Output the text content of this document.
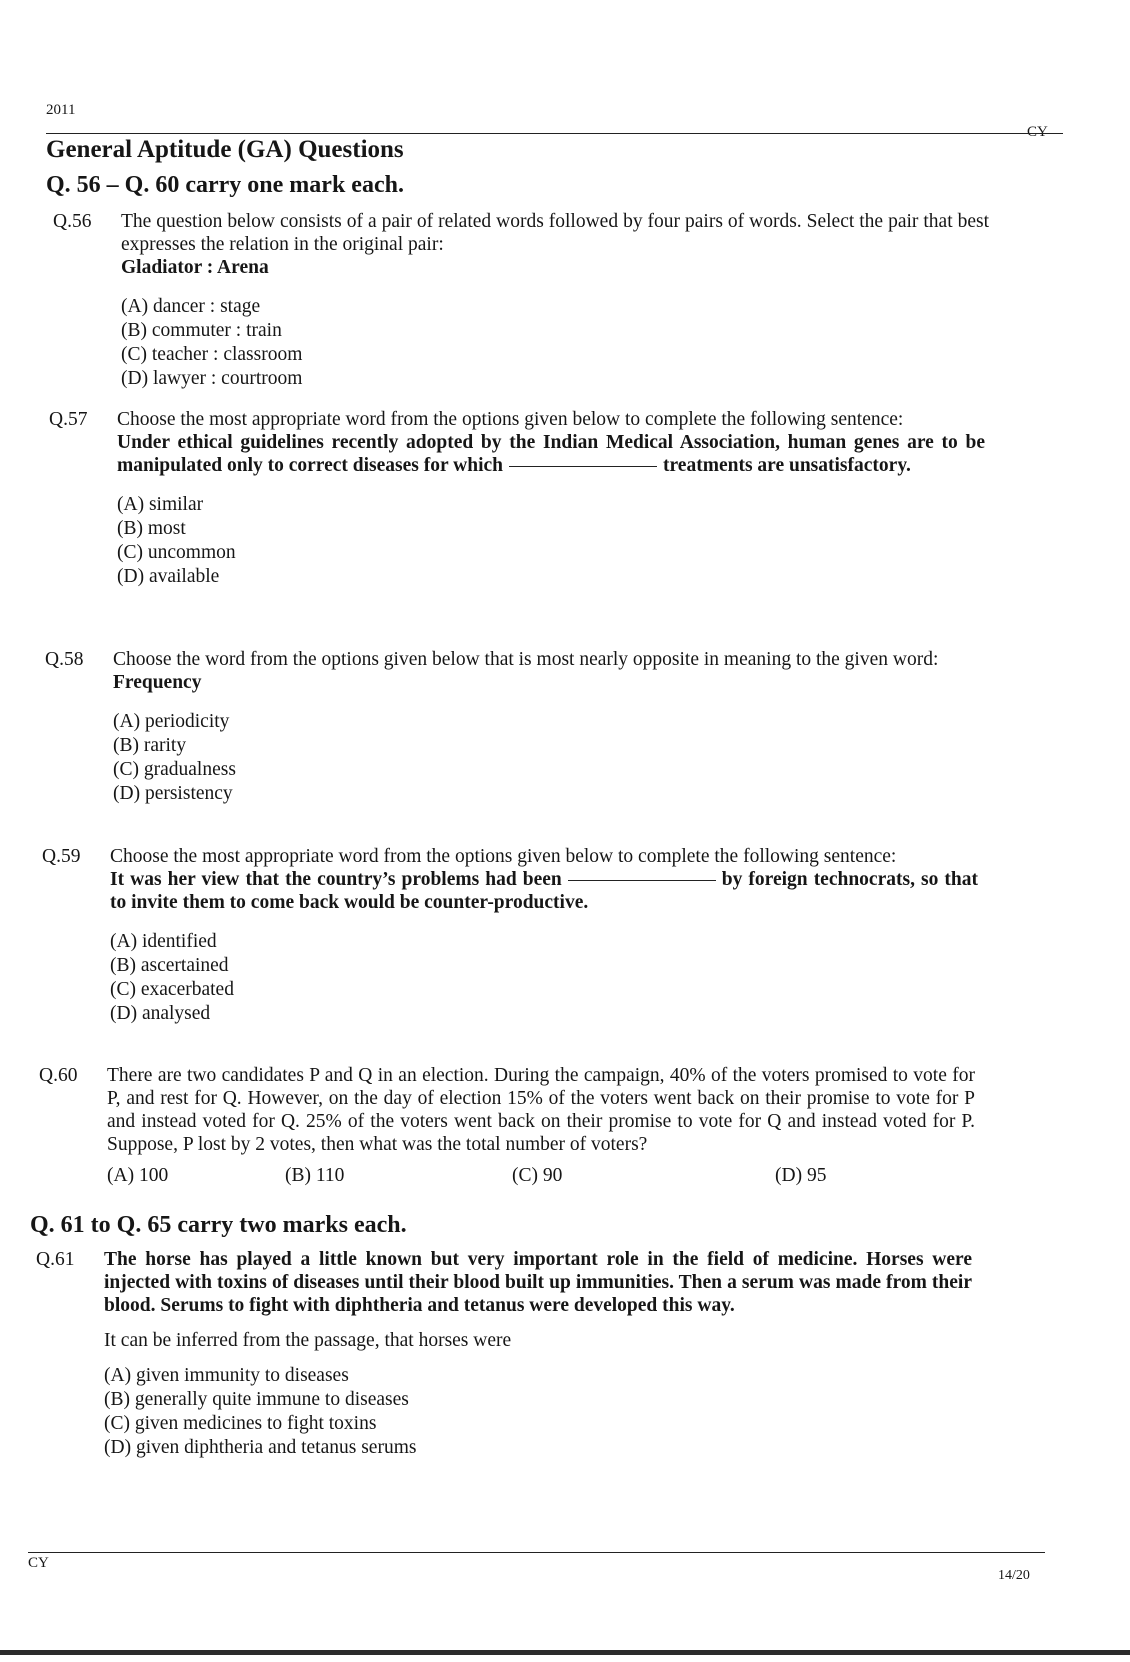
2011
CY
General Aptitude (GA) Questions
Q. 56 – Q. 60 carry one mark each.
Q.56 The question below consists of a pair of related words followed by four pairs of words. Select the pair that best expresses the relation in the original pair:

Gladiator : Arena

(A) dancer : stage
(B) commuter : train
(C) teacher : classroom
(D) lawyer : courtroom
Q.57 Choose the most appropriate word from the options given below to complete the following sentence:

Under ethical guidelines recently adopted by the Indian Medical Association, human genes are to be manipulated only to correct diseases for which	treatments are unsatisfactory.

(A) similar
(B) most
(C) uncommon
(D) available
Q.58 Choose the word from the options given below that is most nearly opposite in meaning to the given word:

Frequency

(A) periodicity
(B) rarity
(C) gradualness
(D) persistency
Q.59 Choose the most appropriate word from the options given below to complete the following sentence:

It was her view that the country’s problems had been	by foreign technocrats, so that to invite them to come back would be counter-productive.

(A) identified
(B) ascertained
(C) exacerbated
(D) analysed
Q.60 There are two candidates P and Q in an election. During the campaign, 40% of the voters promised to vote for P, and rest for Q. However, on the day of election 15% of the voters went back on their promise to vote for P and instead voted for Q. 25% of the voters went back on their promise to vote for Q and instead voted for P. Suppose, P lost by 2 votes, then what was the total number of voters?

(A) 100	(B) 110	(C) 90	(D) 95
Q. 61 to Q. 65 carry two marks each.
Q.61 The horse has played a little known but very important role in the field of medicine. Horses were injected with toxins of diseases until their blood built up immunities. Then a serum was made from their blood. Serums to fight with diphtheria and tetanus were developed this way.

It can be inferred from the passage, that horses were

(A) given immunity to diseases
(B) generally quite immune to diseases
(C) given medicines to fight toxins
(D) given diphtheria and tetanus serums
CY
14/20
